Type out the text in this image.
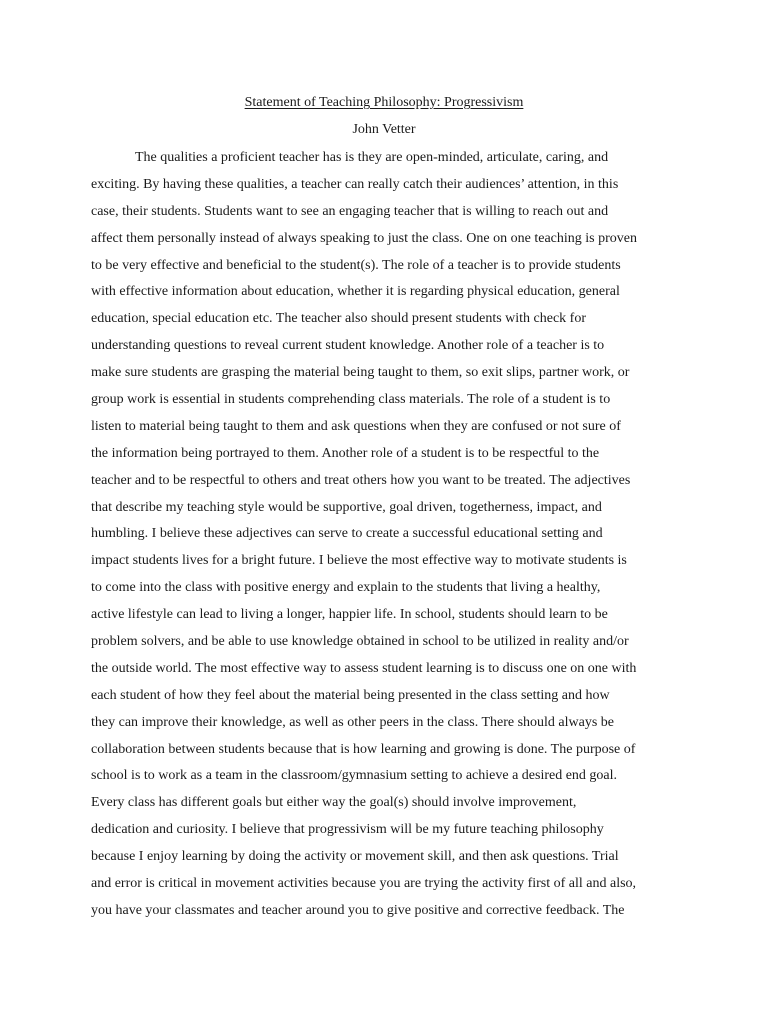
Statement of Teaching Philosophy: Progressivism
John Vetter
The qualities a proficient teacher has is they are open-minded, articulate, caring, and
exciting. By having these qualities, a teacher can really catch their audiences’ attention, in this
case, their students. Students want to see an engaging teacher that is willing to reach out and
affect them personally instead of always speaking to just the class. One on one teaching is proven
to be very effective and beneficial to the student(s). The role of a teacher is to provide students
with effective information about education, whether it is regarding physical education, general
education, special education etc. The teacher also should present students with check for
understanding questions to reveal current student knowledge. Another role of a teacher is to
make sure students are grasping the material being taught to them, so exit slips, partner work, or
group work is essential in students comprehending class materials. The role of a student is to
listen to material being taught to them and ask questions when they are confused or not sure of
the information being portrayed to them. Another role of a student is to be respectful to the
teacher and to be respectful to others and treat others how you want to be treated. The adjectives
that describe my teaching style would be supportive, goal driven, togetherness, impact, and
humbling. I believe these adjectives can serve to create a successful educational setting and
impact students lives for a bright future. I believe the most effective way to motivate students is
to come into the class with positive energy and explain to the students that living a healthy,
active lifestyle can lead to living a longer, happier life. In school, students should learn to be
problem solvers, and be able to use knowledge obtained in school to be utilized in reality and/or
the outside world. The most effective way to assess student learning is to discuss one on one with
each student of how they feel about the material being presented in the class setting and how
they can improve their knowledge, as well as other peers in the class. There should always be
collaboration between students because that is how learning and growing is done. The purpose of
school is to work as a team in the classroom/gymnasium setting to achieve a desired end goal.
Every class has different goals but either way the goal(s) should involve improvement,
dedication and curiosity. I believe that progressivism will be my future teaching philosophy
because I enjoy learning by doing the activity or movement skill, and then ask questions. Trial
and error is critical in movement activities because you are trying the activity first of all and also,
you have your classmates and teacher around you to give positive and corrective feedback. The
